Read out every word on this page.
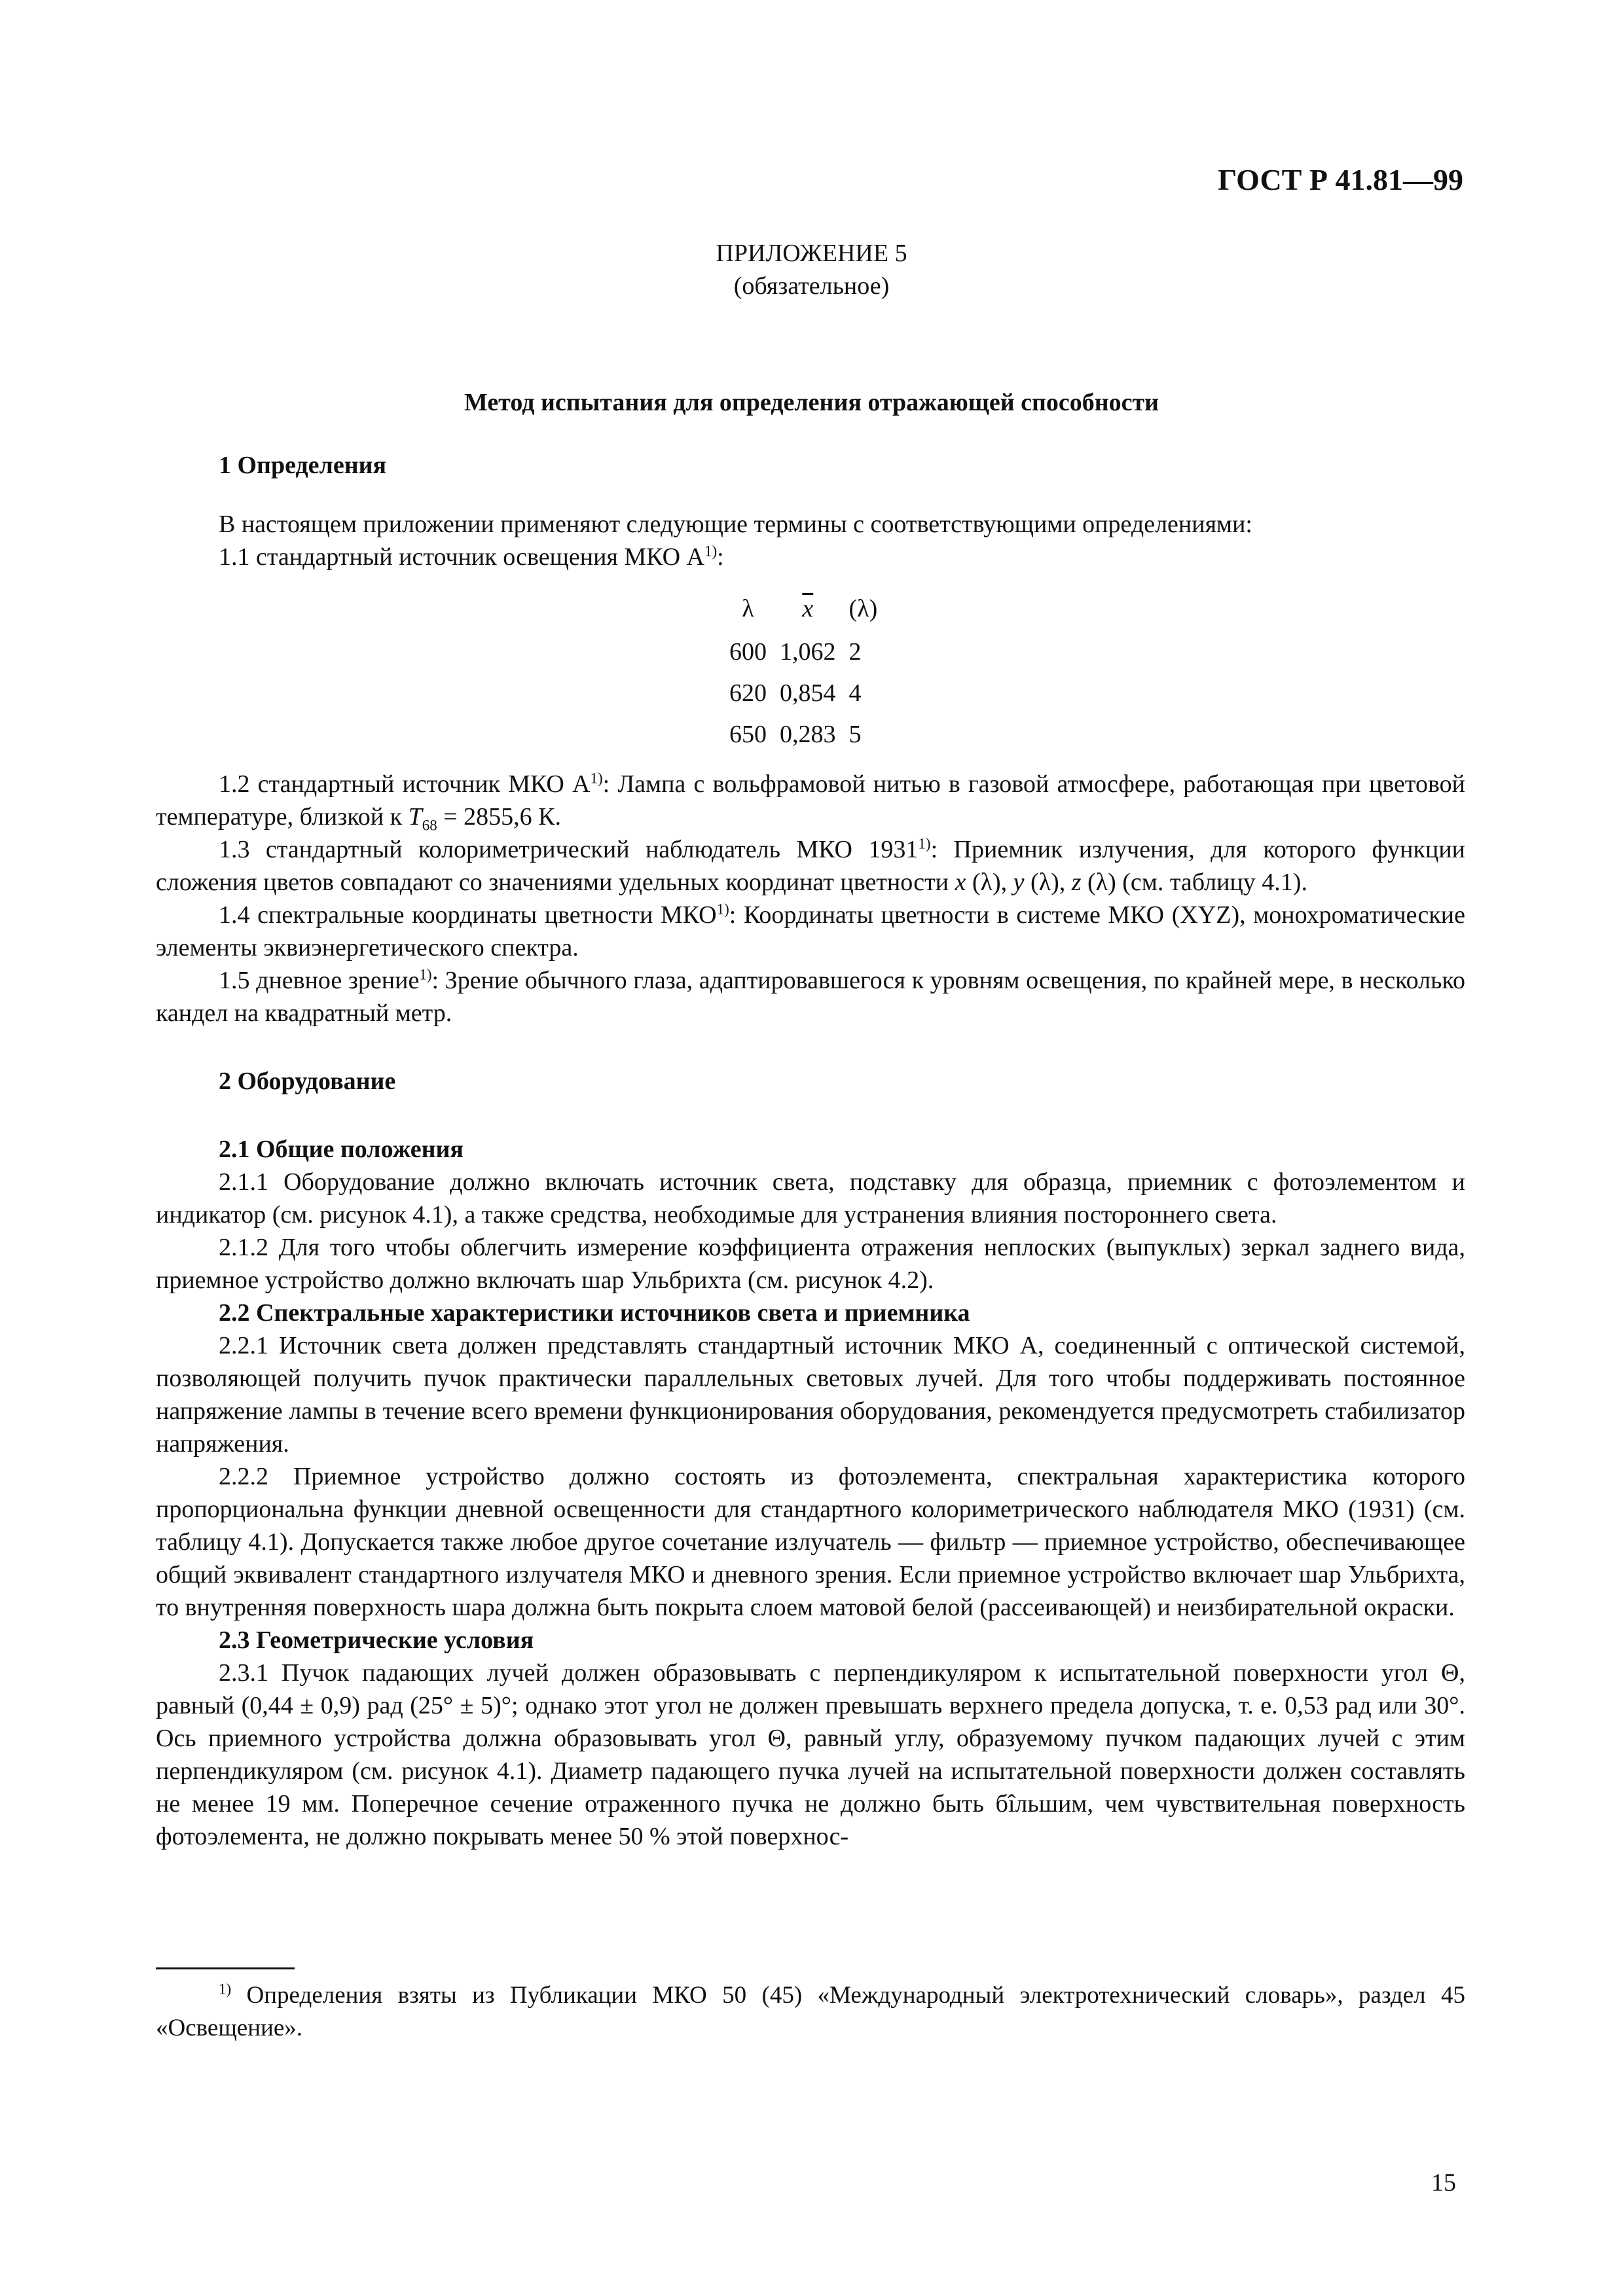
ГОСТ Р 41.81—99
ПРИЛОЖЕНИЕ 5
(обязательное)
Метод испытания для определения отражающей способности
1 Определения

В настоящем приложении применяют следующие термины с соответствующими определениями:

1.1 стандартный источник освещения МКО $А^{1)}$:

λ	$\overline{x}$	(λ)
600	1,062	2
620	0,854	4
650	0,283	5

1.2 стандартный источник МКО $А^{1)}$: Лампа с вольфрамовой нитью в газовой атмосфере, работающая при цветовой температуре, близкой к $T_{68} = 2855,6$ К.

1.3 стандартный колориметрический наблюдатель МКО 1931$^{1)}$: Приемник излучения, для которого функции сложения цветов совпадают со значениями удельных координат цветности x (λ), y (λ), z (λ) (см. таблицу 4.1).

1.4 спектральные координаты цветности МКО$^{1)}$: Координаты цветности в системе МКО (XYZ), монохроматические элементы эквиэнергетического спектра.

1.5 дневное зрение$^{1)}$: Зрение обычного глаза, адаптировавшегося к уровням освещения, по крайней мере, в несколько кандел на квадратный метр.

2 Оборудование
2.1 Общие положения

2.1.1 Оборудование должно включать источник света, подставку для образца, приемник с фотоэлементом и индикатор (см. рисунок 4.1), а также средства, необходимые для устранения влияния постороннего света.

2.1.2 Для того чтобы облегчить измерение коэффициента отражения неплоских (выпуклых) зеркал заднего вида, приемное устройство должно включать шар Ульбрихта (см. рисунок 4.2).

2.2 Спектральные характеристики источников света и приемника

2.2.1 Источник света должен представлять стандартный источник МКО А, соединенный с оптической системой, позволяющей получить пучок практически параллельных световых лучей. Для того чтобы поддерживать постоянное напряжение лампы в течение всего времени функционирования оборудования, рекомендуется предусмотреть стабилизатор напряжения.

2.2.2 Приемное устройство должно состоять из фотоэлемента, спектральная характеристика которого пропорциональна функции дневной освещенности для стандартного колориметрического наблюдателя МКО (1931) (см. таблицу 4.1). Допускается также любое другое сочетание излучатель — фильтр — приемное устройство, обеспечивающее общий эквивалент стандартного излучателя МКО и дневного зрения. Если приемное устройство включает шар Ульбрихта, то внутренняя поверхность шара должна быть покрыта слоем матовой белой (рассеивающей) и неизбирательной окраски.

2.3 Геометрические условия

2.3.1 Пучок падающих лучей должен образовывать с перпендикуляром к испытательной поверхности угол Θ, равный (0,44 ± 0,9) рад (25° ± 5)°; однако этот угол не должен превышать верхнего предела допуска, т. е. 0,53 рад или 30°. Ось приемного устройства должна образовывать угол Θ, равный углу, образуемому пучком падающих лучей с этим перпендикуляром (см. рисунок 4.1). Диаметр падающего пучка лучей на испытательной поверхности должен составлять не менее 19 мм. Поперечное сечение отраженного пучка не должно быть бîльшим, чем чувствительная поверхность фотоэлемента, не должно покрывать менее 50 % этой поверхнос-

$^{1)}$ Определения взяты из Публикации МКО 50 (45) «Международный электротехнический словарь», раздел 45 «Освещение».
15
